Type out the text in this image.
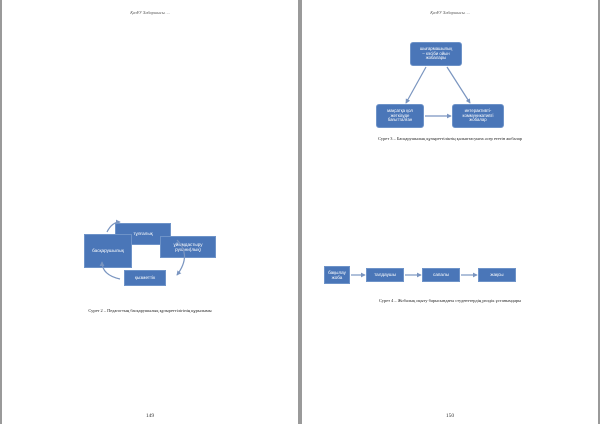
ҚазҰУ Хабаршысы. ...
тұлғалық
ұйымдастыру
рухани(лық)
қызметтік
басқарушылық
Сурет 2 – Педагогтың басқарушылық құзыреттілігінің құрылымы
149
ҚазҰУ Хабаршысы. ...
шығармашылық
– кәсіби ойын
жобалары
мақсатқа қол
жеткізуде
бағытталған
интерактивті-
коммуникативті
жобалар
Сурет 3 – Басқарушылық құзыреттіліктің қалыптасуына әсер ететін жобалар
бақылау
жоба
талдаушы	сапалы	жақсы
Сурет 4 – Жобалық оқыту барысындағы студенттердің рөлдік ұстанымдары
150
